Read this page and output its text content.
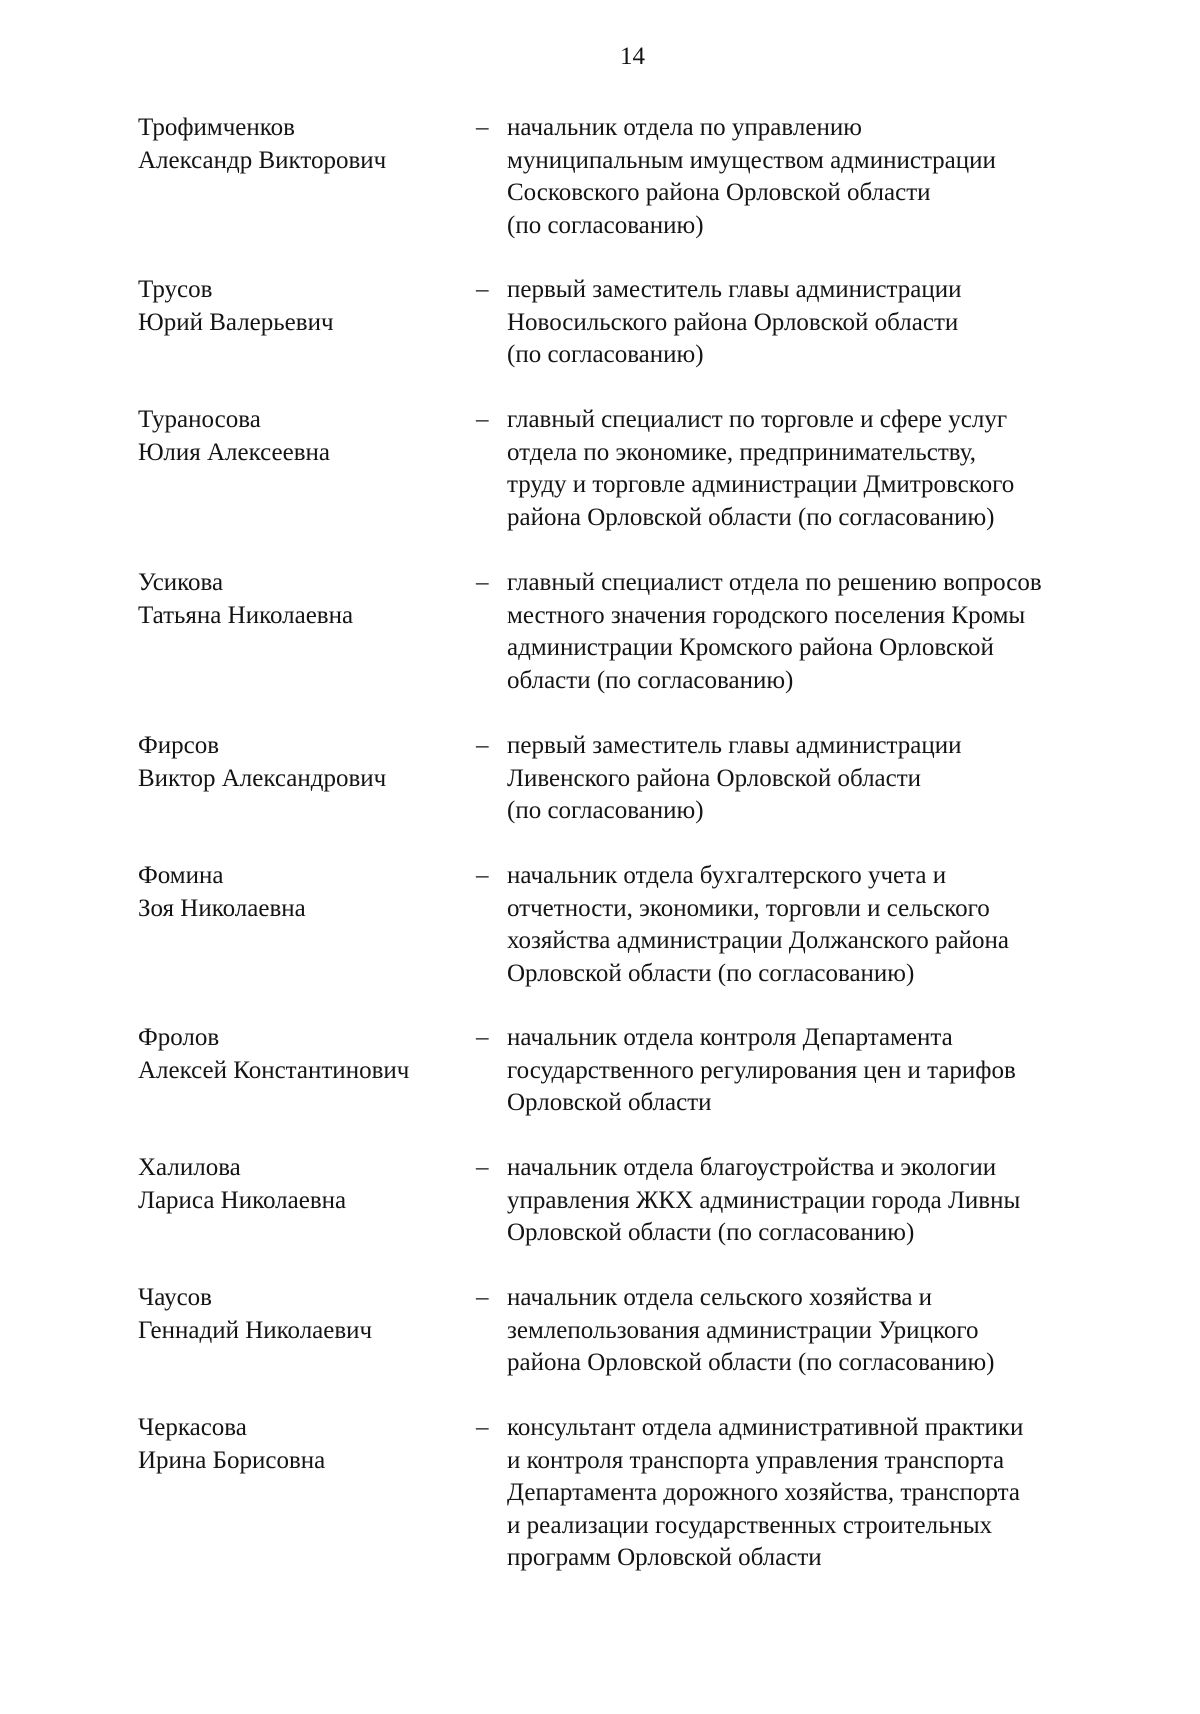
14
Трофимченков
Александр Викторович
– начальник отдела по управлению
муниципальным имуществом администрации
Сосковского района Орловской области
(по согласованию)
Трусов
Юрий Валерьевич
– первый заместитель главы администрации
Новосильского района Орловской области
(по согласованию)
Тураносова
Юлия Алексеевна
– главный специалист по торговле и сфере услуг
отдела по экономике, предпринимательству,
труду и торговле администрации Дмитровского
района Орловской области (по согласованию)
Усикова
Татьяна Николаевна
– главный специалист отдела по решению вопросов
местного значения городского поселения Кромы
администрации Кромского района Орловской
области (по согласованию)
Фирсов
Виктор Александрович
– первый заместитель главы администрации
Ливенского района Орловской области
(по согласованию)
Фомина
Зоя Николаевна
– начальник отдела бухгалтерского учета и
отчетности, экономики, торговли и сельского
хозяйства администрации Должанского района
Орловской области (по согласованию)
Фролов
Алексей Константинович
– начальник отдела контроля Департамента
государственного регулирования цен и тарифов
Орловской области
Халилова
Лариса Николаевна
– начальник отдела благоустройства и экологии
управления ЖКХ администрации города Ливны
Орловской области (по согласованию)
Чаусов
Геннадий Николаевич
– начальник отдела сельского хозяйства и
землепользования администрации Урицкого
района Орловской области (по согласованию)
Черкасова
Ирина Борисовна
– консультант отдела административной практики
и контроля транспорта управления транспорта
Департамента дорожного хозяйства, транспорта
и реализации государственных строительных
программ Орловской области
